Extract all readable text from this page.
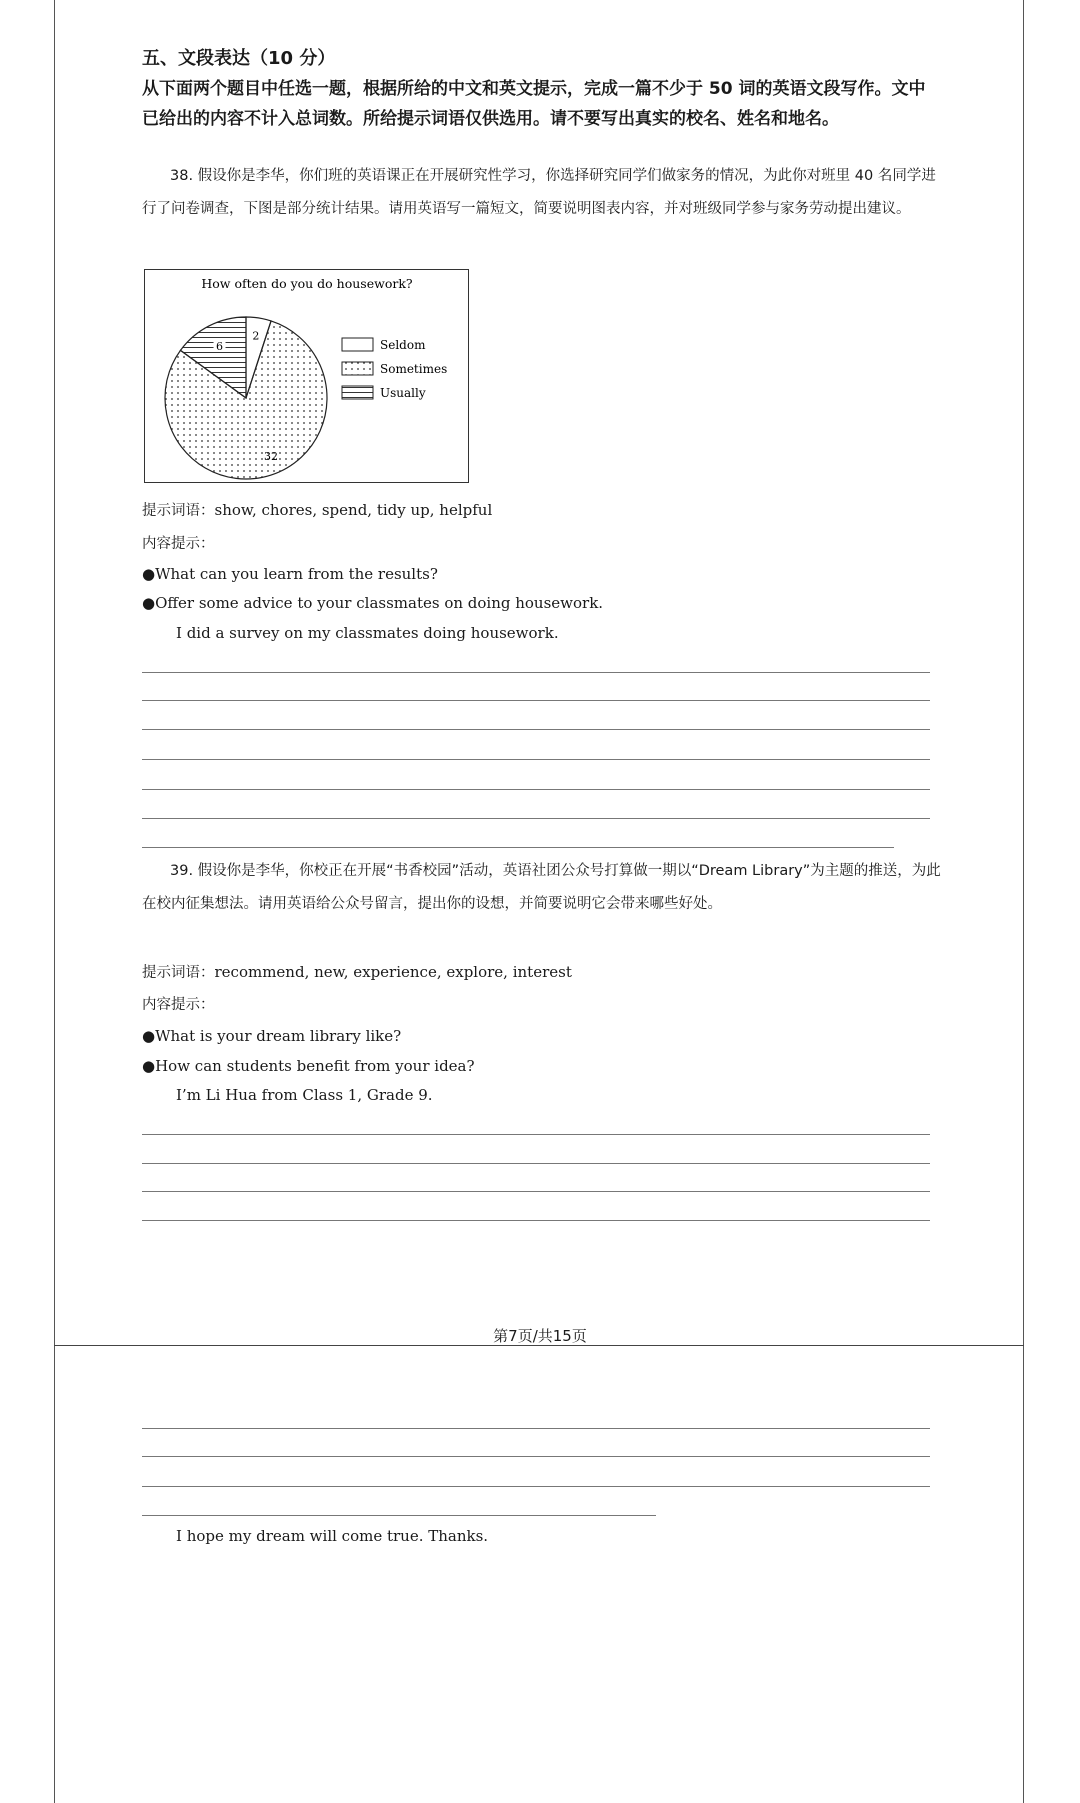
五、文段表达（10 分）
从下面两个题目中任选一题，根据所给的中文和英文提示，完成一篇不少于 50 词的英语文段写作。文中已给出的内容不计入总词数。所给提示词语仅供选用。请不要写出真实的校名、姓名和地名。
38. 假设你是李华，你们班的英语课正在开展研究性学习，你选择研究同学们做家务的情况，为此你对班里 40 名同学进行了问卷调查，下图是部分统计结果。请用英语写一篇短文，简要说明图表内容，并对班级同学参与家务劳动提出建议。
How often do you do housework?
2
32
6	Seldom
Sometimes
Usually
提示词语：show, chores, spend, tidy up, helpful
内容提示：
●What can you learn from the results?
●Offer some advice to your classmates on doing housework.
I did a survey on my classmates doing housework.
39. 假设你是李华，你校正在开展“书香校园”活动，英语社团公众号打算做一期以“Dream Library”为主题的推送，为此在校内征集想法。请用英语给公众号留言，提出你的设想，并简要说明它会带来哪些好处。
提示词语：recommend, new, experience, explore, interest
内容提示：
●What is your dream library like?
●How can students benefit from your idea?
I’m Li Hua from Class 1, Grade 9.
第7页/共15页
I hope my dream will come true. Thanks.
